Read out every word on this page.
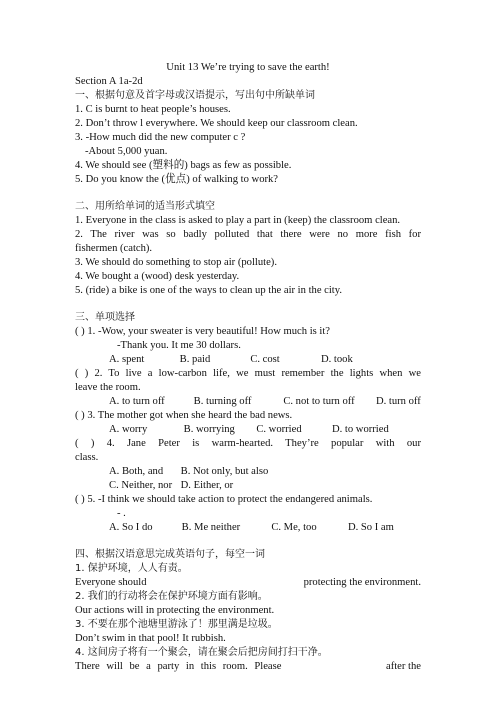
Unit 13 We’re trying to save the earth!
Section A 1a-2d
一、根据句意及首字母或汉语提示，写出句中所缺单词
1. C is burnt to heat people’s houses.
2. Don’t throw l everywhere. We should keep our classroom clean.
3. -How much did the new computer c ?
-About 5,000 yuan.
4. We should see (塑料的) bags as few as possible.
5. Do you know the (优点) of walking to work?
二、用所给单词的适当形式填空
1. Everyone in the class is asked to play a part in (keep) the classroom clean.
2. The river was so badly polluted that there were no more fish for
fishermen (catch).
3. We should do something to stop air (pollute).
4. We bought a (wood) desk yesterday.
5. (ride) a bike is one of the ways to clean up the air in the city.
三、单项选择
( ) 1. -Wow, your sweater is very beautiful! How much is it?
-Thank you. It me 30 dollars.
A. spent	B. paid	C. cost	D. took
( ) 2. To live a low-carbon life, we must remember the lights when we
leave the room.
A. to turn off	B. turning off	C. not to turn off D. turn off
( ) 3. The mother got when she heard the bad news.
A. worry	B. worrying C. worried	D. to worried
( ) 4. Jane Peter is warm-hearted. They’re popular with our
class.
A. Both, and B. Not only, but also
C. Neither, nor D. Either, or
( ) 5. -I think we should take action to protect the endangered animals.
- .
A. So I do	B. Me neither	C. Me, too	D. So I am
四、根据汉语意思完成英语句子，每空一词
1. 保护环境，人人有责。
Everyone should	protecting the environment.
2. 我们的行动将会在保护环境方面有影响。
Our actions will in protecting the environment.
3. 不要在那个池塘里游泳了！那里满是垃圾。
Don’t swim in that pool! It rubbish.
4. 这间房子将有一个聚会，请在聚会后把房间打扫干净。
There will be a party in this room. Please	after the
